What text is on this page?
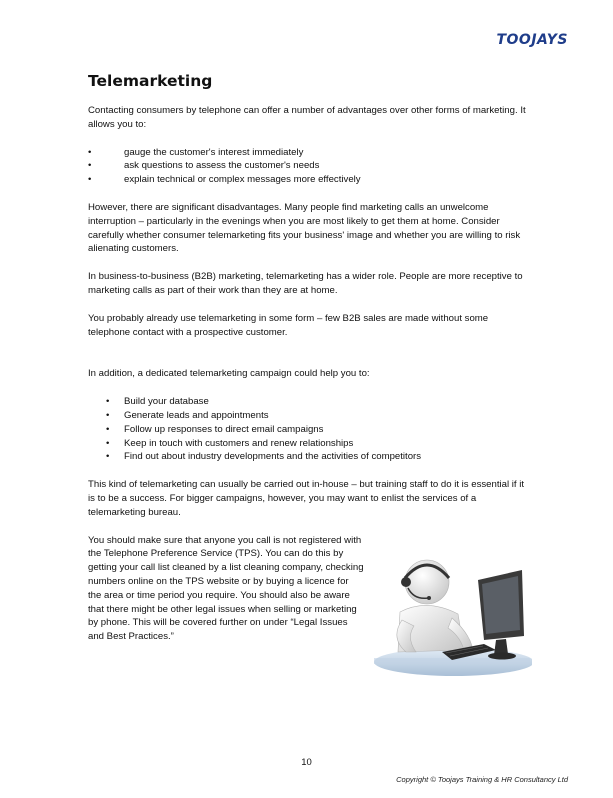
TOOJAYS
Telemarketing

Contacting consumers by telephone can offer a number of advantages over other forms of marketing. It allows you to:

• gauge the customer's interest immediately
• ask questions to assess the customer's needs
• explain technical or complex messages more effectively

However, there are significant disadvantages. Many people find marketing calls an unwelcome interruption – particularly in the evenings when you are most likely to get them at home. Consider carefully whether consumer telemarketing fits your business' image and whether you are willing to risk alienating customers.

In business-to-business (B2B) marketing, telemarketing has a wider role. People are more receptive to marketing calls as part of their work than they are at home.

You probably already use telemarketing in some form – few B2B sales are made without some telephone contact with a prospective customer.

In addition, a dedicated telemarketing campaign could help you to:

• Build your database
• Generate leads and appointments
• Follow up responses to direct email campaigns
• Keep in touch with customers and renew relationships
• Find out about industry developments and the activities of competitors

This kind of telemarketing can usually be carried out in-house – but training staff to do it is essential if it is to be a success. For bigger campaigns, however, you may want to enlist the services of a telemarketing bureau.

You should make sure that anyone you call is not registered with the Telephone Preference Service (TPS). You can do this by getting your call list cleaned by a list cleaning company, checking numbers online on the TPS website or by buying a licence for the area or time period you require. You should also be aware that there might be other legal issues when selling or marketing by phone. This will be covered further on under “Legal Issues and Best Practices.”

10
Copyright © Toojays Training & HR Consultancy Ltd
